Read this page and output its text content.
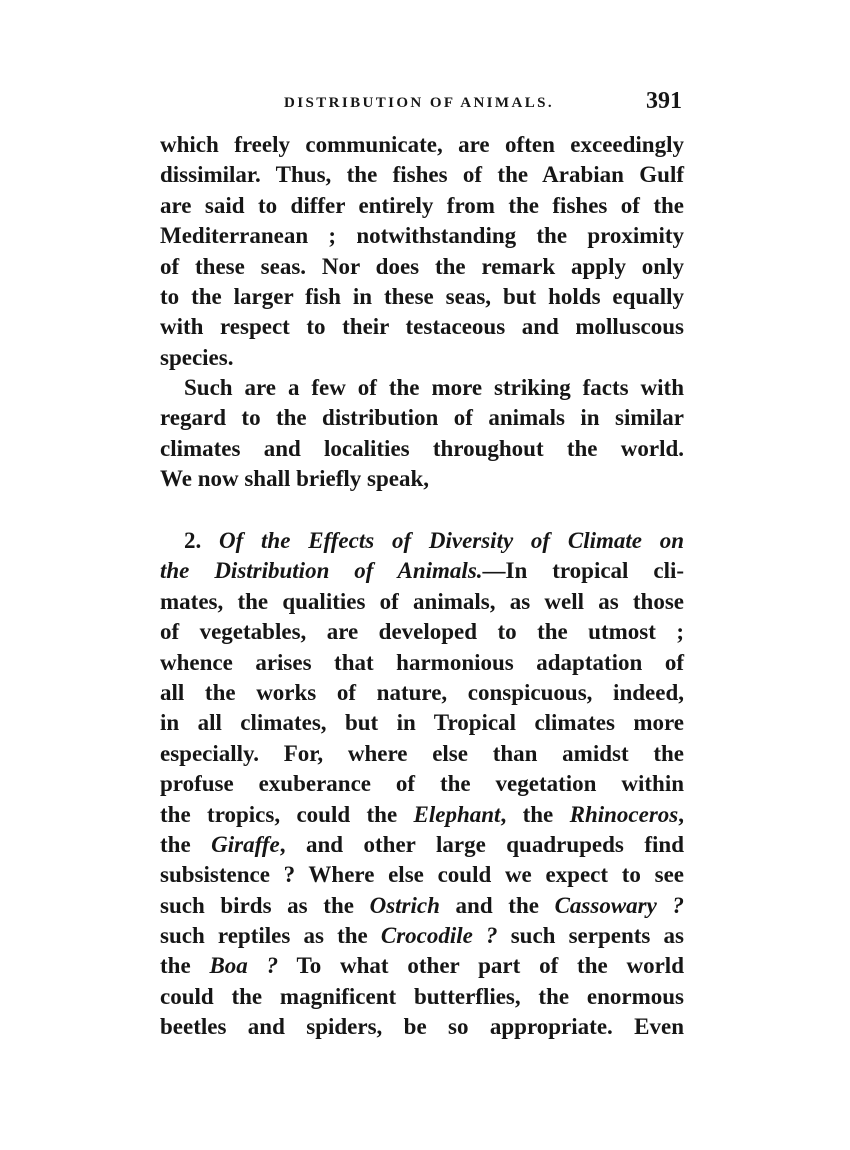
DISTRIBUTION OF ANIMALS.	391
which freely communicate, are often exceedingly
dissimilar. Thus, the fishes of the Arabian Gulf
are said to differ entirely from the fishes of the
Mediterranean ; notwithstanding the proximity
of these seas. Nor does the remark apply only
to the larger fish in these seas, but holds equally
with respect to their testaceous and molluscous
species.
Such are a few of the more striking facts with
regard to the distribution of animals in similar
climates and localities throughout the world.
We now shall briefly speak,
2. Of the Effects of Diversity of Climate on
the Distribution of Animals.—In tropical cli-
mates, the qualities of animals, as well as those
of vegetables, are developed to the utmost ;
whence arises that harmonious adaptation of
all the works of nature, conspicuous, indeed,
in all climates, but in Tropical climates more
especially. For, where else than amidst the
profuse exuberance of the vegetation within
the tropics, could the Elephant, the Rhinoceros,
the Giraffe, and other large quadrupeds find
subsistence ? Where else could we expect to see
such birds as the Ostrich and the Cassowary ?
such reptiles as the Crocodile ? such serpents as
the Boa ? To what other part of the world
could the magnificent butterflies, the enormous
beetles and spiders, be so appropriate. Even
